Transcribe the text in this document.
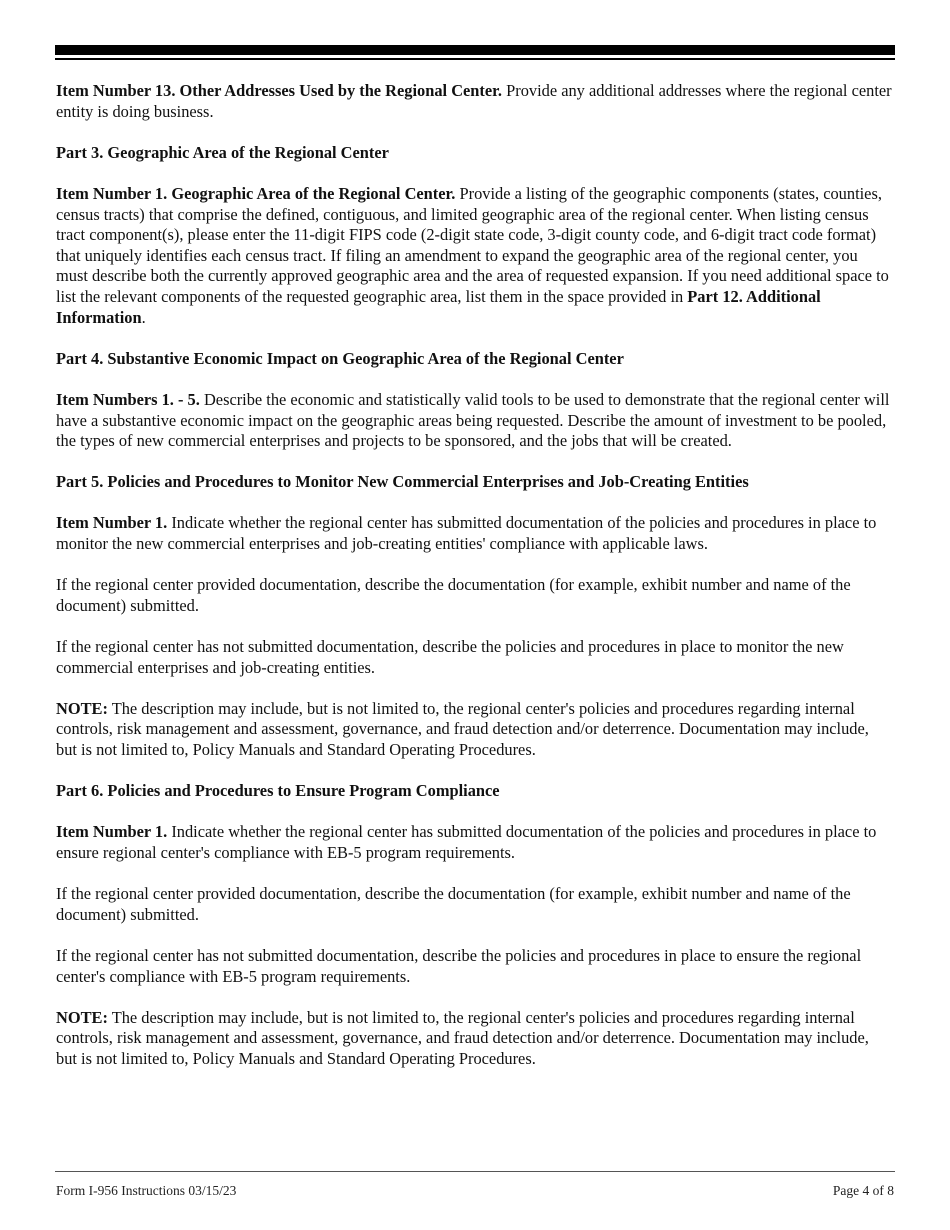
Item Number 13. Other Addresses Used by the Regional Center. Provide any additional addresses where the regional center entity is doing business.

Part 3. Geographic Area of the Regional Center

Item Number 1. Geographic Area of the Regional Center. Provide a listing of the geographic components (states, counties, census tracts) that comprise the defined, contiguous, and limited geographic area of the regional center. When listing census tract component(s), please enter the 11-digit FIPS code (2-digit state code, 3-digit county code, and 6-digit tract code format) that uniquely identifies each census tract. If filing an amendment to expand the geographic area of the regional center, you must describe both the currently approved geographic area and the area of requested expansion. If you need additional space to list the relevant components of the requested geographic area, list them in the space provided in Part 12. Additional Information.

Part 4. Substantive Economic Impact on Geographic Area of the Regional Center

Item Numbers 1. - 5. Describe the economic and statistically valid tools to be used to demonstrate that the regional center will have a substantive economic impact on the geographic areas being requested. Describe the amount of investment to be pooled, the types of new commercial enterprises and projects to be sponsored, and the jobs that will be created.

Part 5. Policies and Procedures to Monitor New Commercial Enterprises and Job-Creating Entities

Item Number 1. Indicate whether the regional center has submitted documentation of the policies and procedures in place to monitor the new commercial enterprises and job-creating entities' compliance with applicable laws.

If the regional center provided documentation, describe the documentation (for example, exhibit number and name of the document) submitted.

If the regional center has not submitted documentation, describe the policies and procedures in place to monitor the new commercial enterprises and job-creating entities.

NOTE: The description may include, but is not limited to, the regional center's policies and procedures regarding internal controls, risk management and assessment, governance, and fraud detection and/or deterrence. Documentation may include, but is not limited to, Policy Manuals and Standard Operating Procedures.

Part 6. Policies and Procedures to Ensure Program Compliance

Item Number 1. Indicate whether the regional center has submitted documentation of the policies and procedures in place to ensure regional center's compliance with EB-5 program requirements.

If the regional center provided documentation, describe the documentation (for example, exhibit number and name of the document) submitted.

If the regional center has not submitted documentation, describe the policies and procedures in place to ensure the regional center's compliance with EB-5 program requirements.

NOTE: The description may include, but is not limited to, the regional center's policies and procedures regarding internal controls, risk management and assessment, governance, and fraud detection and/or deterrence. Documentation may include, but is not limited to, Policy Manuals and Standard Operating Procedures.

Form I-956 Instructions 03/15/23	Page 4 of 8
